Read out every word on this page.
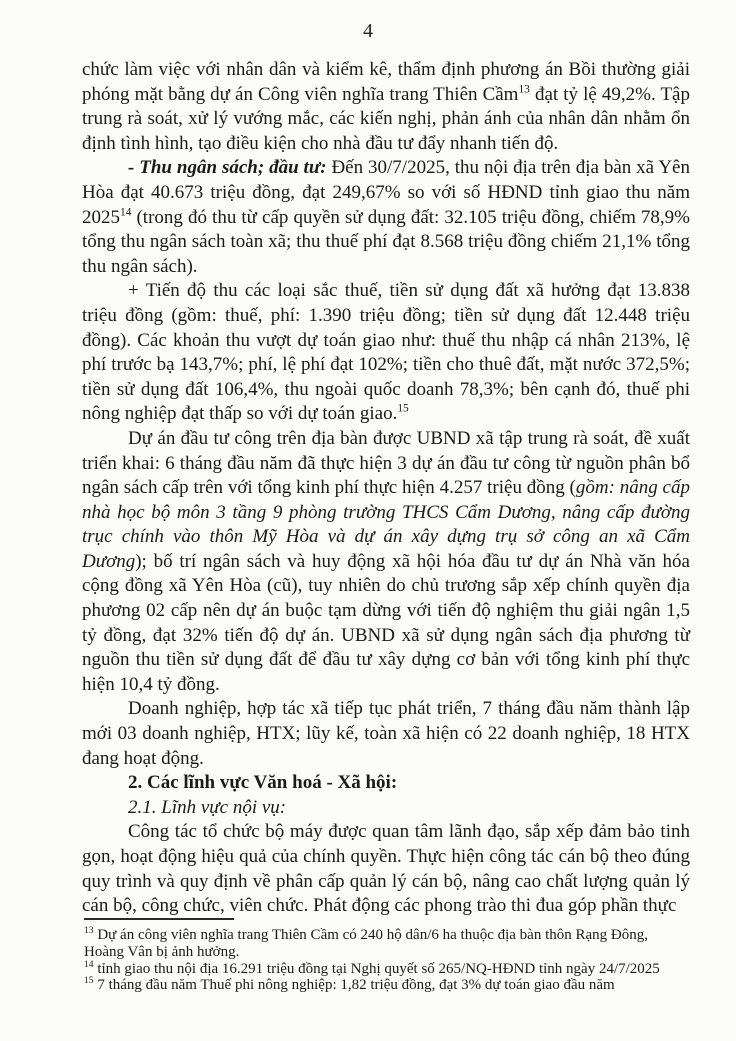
4
chức làm việc với nhân dân và kiểm kê, thẩm định phương án Bồi thường giải phóng mặt bằng dự án Công viên nghĩa trang Thiên Cầm$^{13}$ đạt tỷ lệ 49,2%. Tập trung rà soát, xử lý vướng mắc, các kiến nghị, phản ánh của nhân dân nhằm ổn định tình hình, tạo điều kiện cho nhà đầu tư đẩy nhanh tiến độ.
- Thu ngân sách; đầu tư: Đến 30/7/2025, thu nội địa trên địa bàn xã Yên Hòa đạt 40.673 triệu đồng, đạt 249,67% so với số HĐND tỉnh giao thu năm 2025$^{14}$ (trong đó thu từ cấp quyền sử dụng đất: 32.105 triệu đồng, chiếm 78,9% tổng thu ngân sách toàn xã; thu thuế phí đạt 8.568 triệu đồng chiếm 21,1% tổng thu ngân sách).
+ Tiến độ thu các loại sắc thuế, tiền sử dụng đất xã hưởng đạt 13.838 triệu đồng (gồm: thuế, phí: 1.390 triệu đồng; tiền sử dụng đất 12.448 triệu đồng). Các khoản thu vượt dự toán giao như: thuế thu nhập cá nhân 213%, lệ phí trước bạ 143,7%; phí, lệ phí đạt 102%; tiền cho thuê đất, mặt nước 372,5%; tiền sử dụng đất 106,4%, thu ngoài quốc doanh 78,3%; bên cạnh đó, thuế phi nông nghiệp đạt thấp so với dự toán giao.$^{15}$
Dự án đầu tư công trên địa bàn được UBND xã tập trung rà soát, đề xuất triển khai: 6 tháng đầu năm đã thực hiện 3 dự án đầu tư công từ nguồn phân bổ ngân sách cấp trên với tổng kinh phí thực hiện 4.257 triệu đồng (gồm: nâng cấp nhà học bộ môn 3 tầng 9 phòng trường THCS Cẩm Dương, nâng cấp đường trục chính vào thôn Mỹ Hòa và dự án xây dựng trụ sở công an xã Cẩm Dương); bố trí ngân sách và huy động xã hội hóa đầu tư dự án Nhà văn hóa cộng đồng xã Yên Hòa (cũ), tuy nhiên do chủ trương sắp xếp chính quyền địa phương 02 cấp nên dự án buộc tạm dừng với tiến độ nghiệm thu giải ngân 1,5 tỷ đồng, đạt 32% tiến độ dự án. UBND xã sử dụng ngân sách địa phương từ nguồn thu tiền sử dụng đất để đầu tư xây dựng cơ bản với tổng kinh phí thực hiện 10,4 tỷ đồng.
Doanh nghiệp, hợp tác xã tiếp tục phát triển, 7 tháng đầu năm thành lập mới 03 doanh nghiệp, HTX; lũy kế, toàn xã hiện có 22 doanh nghiệp, 18 HTX đang hoạt động.
2. Các lĩnh vực Văn hoá - Xã hội:
2.1. Lĩnh vực nội vụ:
Công tác tổ chức bộ máy được quan tâm lãnh đạo, sắp xếp đảm bảo tinh gọn, hoạt động hiệu quả của chính quyền. Thực hiện công tác cán bộ theo đúng quy trình và quy định về phân cấp quản lý cán bộ, nâng cao chất lượng quản lý cán bộ, công chức, viên chức. Phát động các phong trào thi đua góp phần thực
$^{13}$ Dự án công viên nghĩa trang Thiên Cầm có 240 hộ dân/6 ha thuộc địa bàn thôn Rạng Đông, Hoàng Vân bị ảnh hưởng.
$^{14}$ tỉnh giao thu nội địa 16.291 triệu đồng tại Nghị quyết số 265/NQ-HĐND tỉnh ngày 24/7/2025
$^{15}$ 7 tháng đầu năm Thuế phi nông nghiệp: 1,82 triệu đồng, đạt 3% dự toán giao đầu năm
